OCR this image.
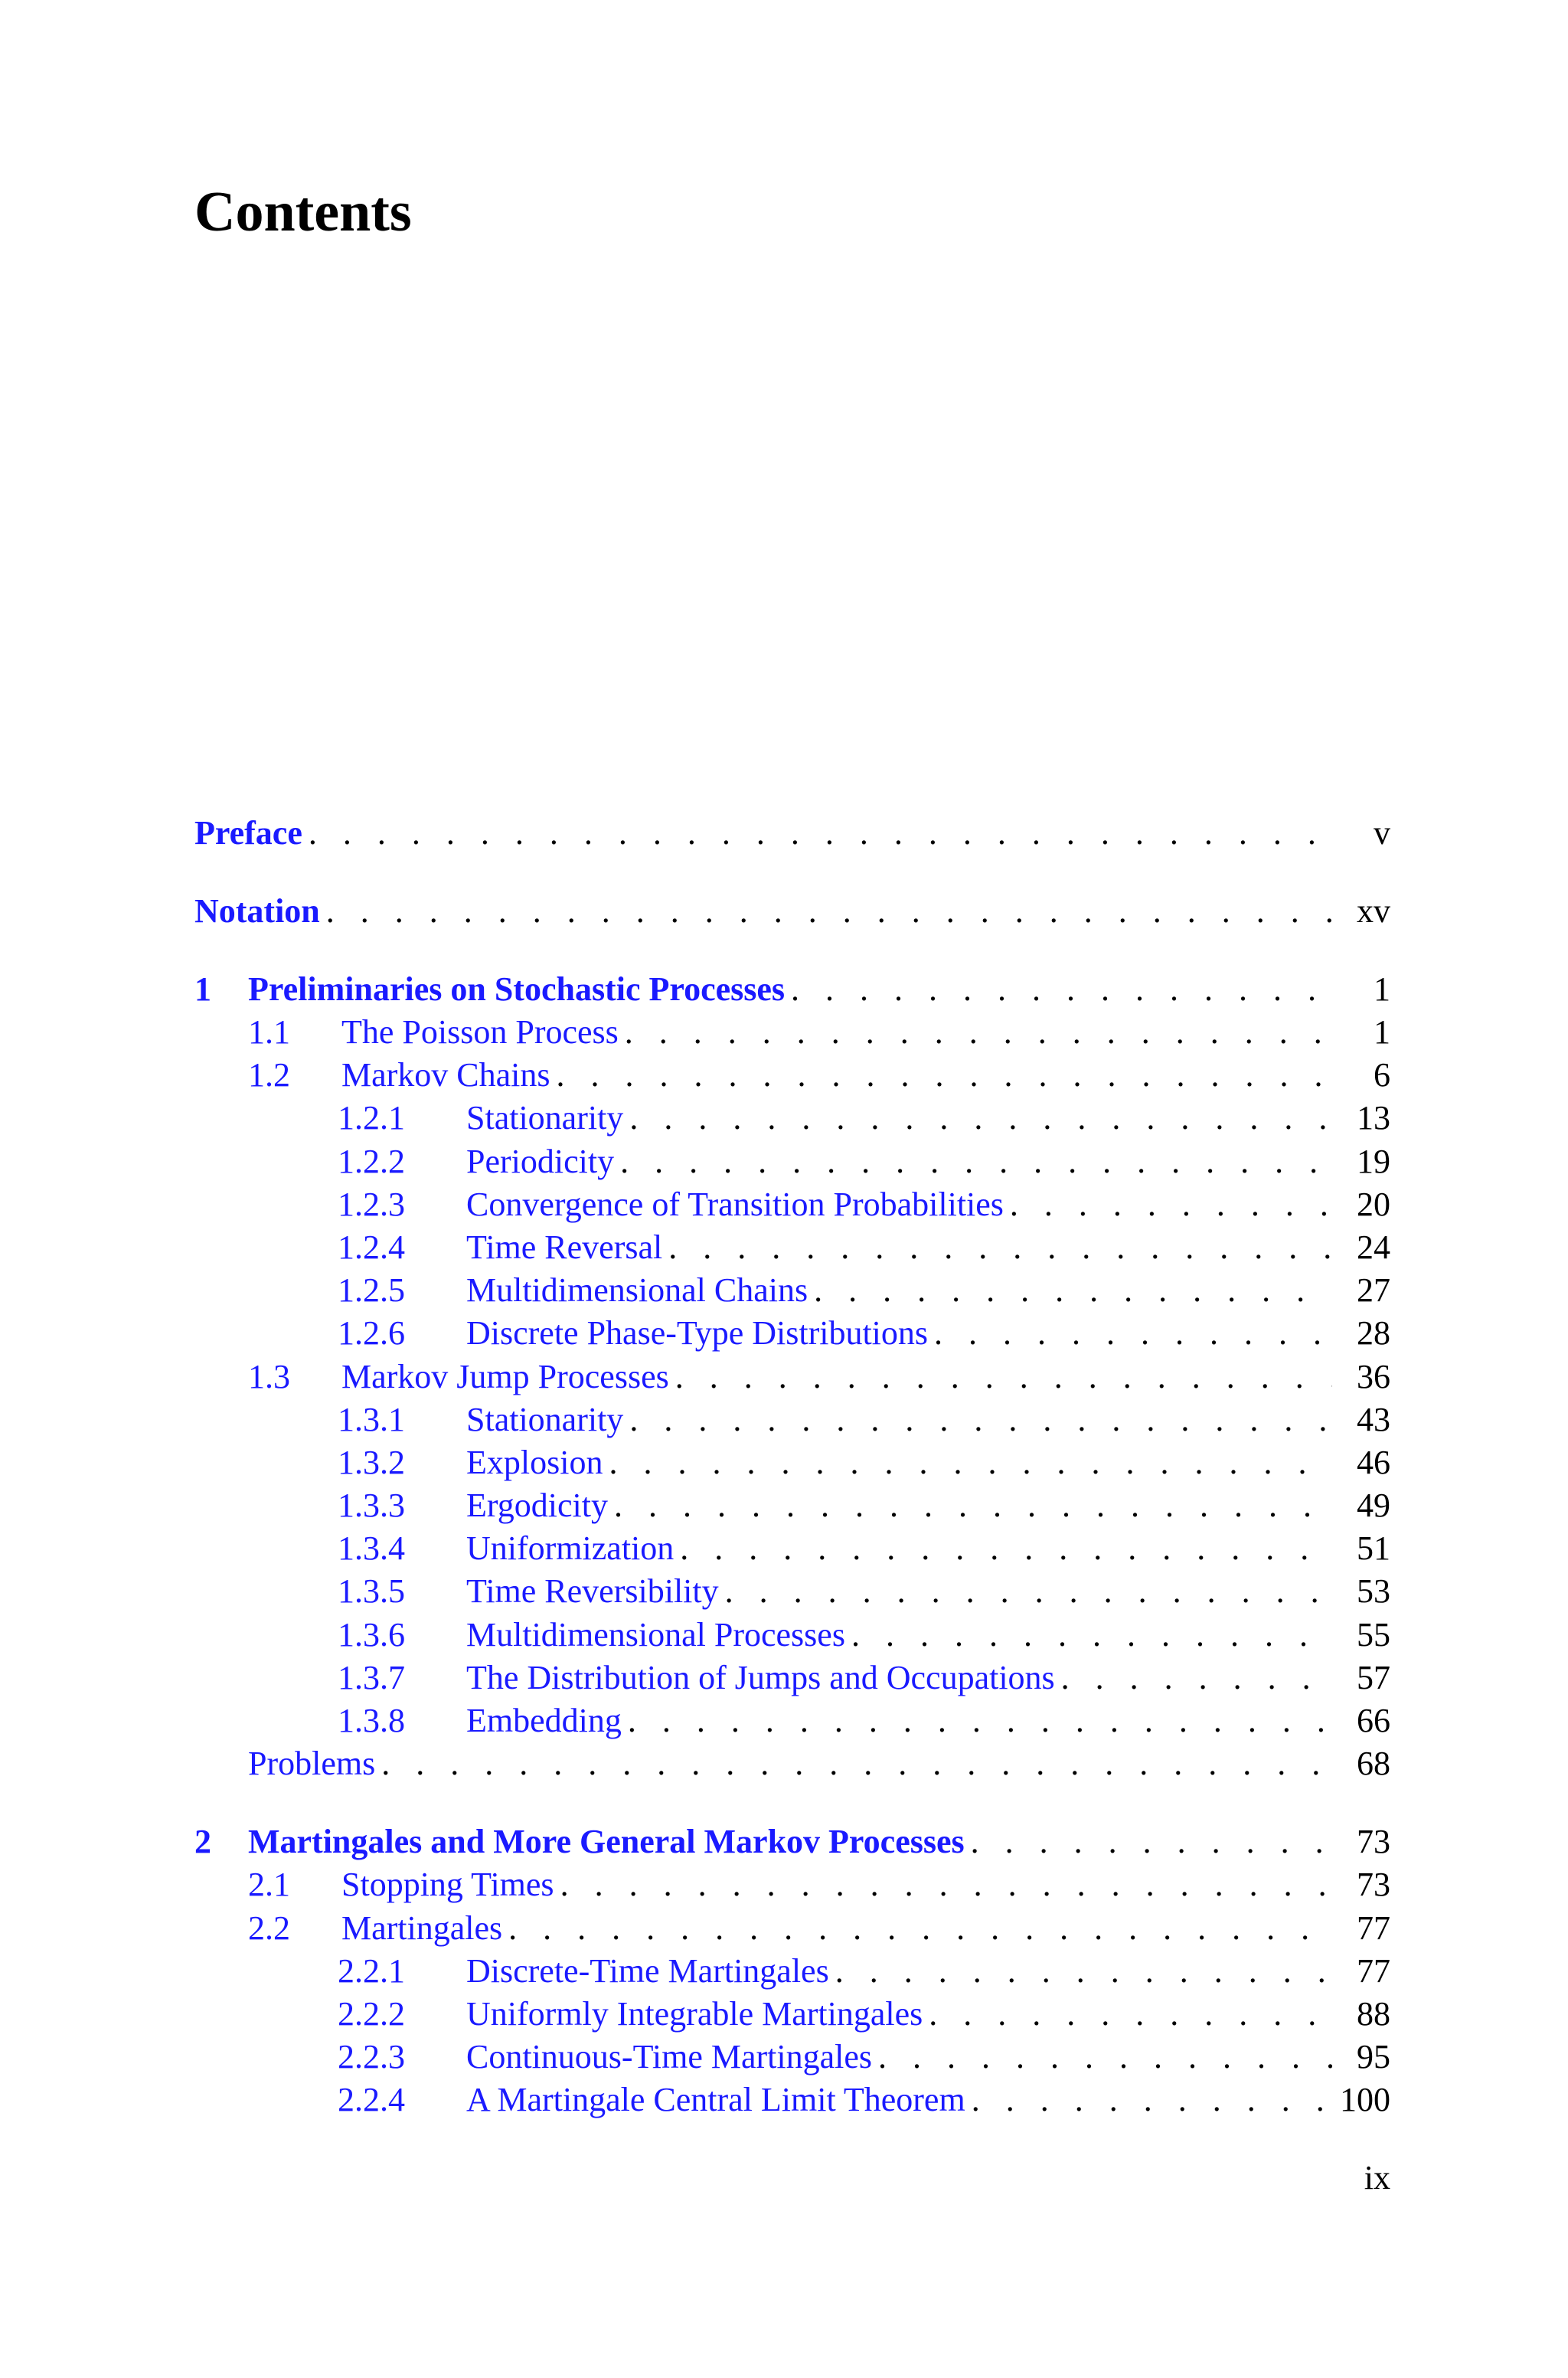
Contents
Preface . . .	v
Notation . . .	xv
1	Preliminaries on Stochastic Processes . . .	1
1.1	The Poisson Process . . .	1
1.2	Markov Chains . . .	6
1.2.1	Stationarity . . .	13
1.2.2	Periodicity . . .	19
1.2.3	Convergence of Transition Probabilities . . .	20
1.2.4	Time Reversal . . .	24
1.2.5	Multidimensional Chains . . .	27
1.2.6	Discrete Phase-Type Distributions . . .	28
1.3	Markov Jump Processes . . .	36
1.3.1	Stationarity . . .	43
1.3.2	Explosion . . .	46
1.3.3	Ergodicity . . .	49
1.3.4	Uniformization . . .	51
1.3.5	Time Reversibility . . .	53
1.3.6	Multidimensional Processes . . .	55
1.3.7	The Distribution of Jumps and Occupations . . .	57
1.3.8	Embedding . . .	66
Problems . . .	68
2	Martingales and More General Markov Processes . . .	73
2.1	Stopping Times . . .	73
2.2	Martingales . . .	77
2.2.1	Discrete-Time Martingales . . .	77
2.2.2	Uniformly Integrable Martingales . . .	88
2.2.3	Continuous-Time Martingales . . .	95
2.2.4	A Martingale Central Limit Theorem . . .	100
ix
